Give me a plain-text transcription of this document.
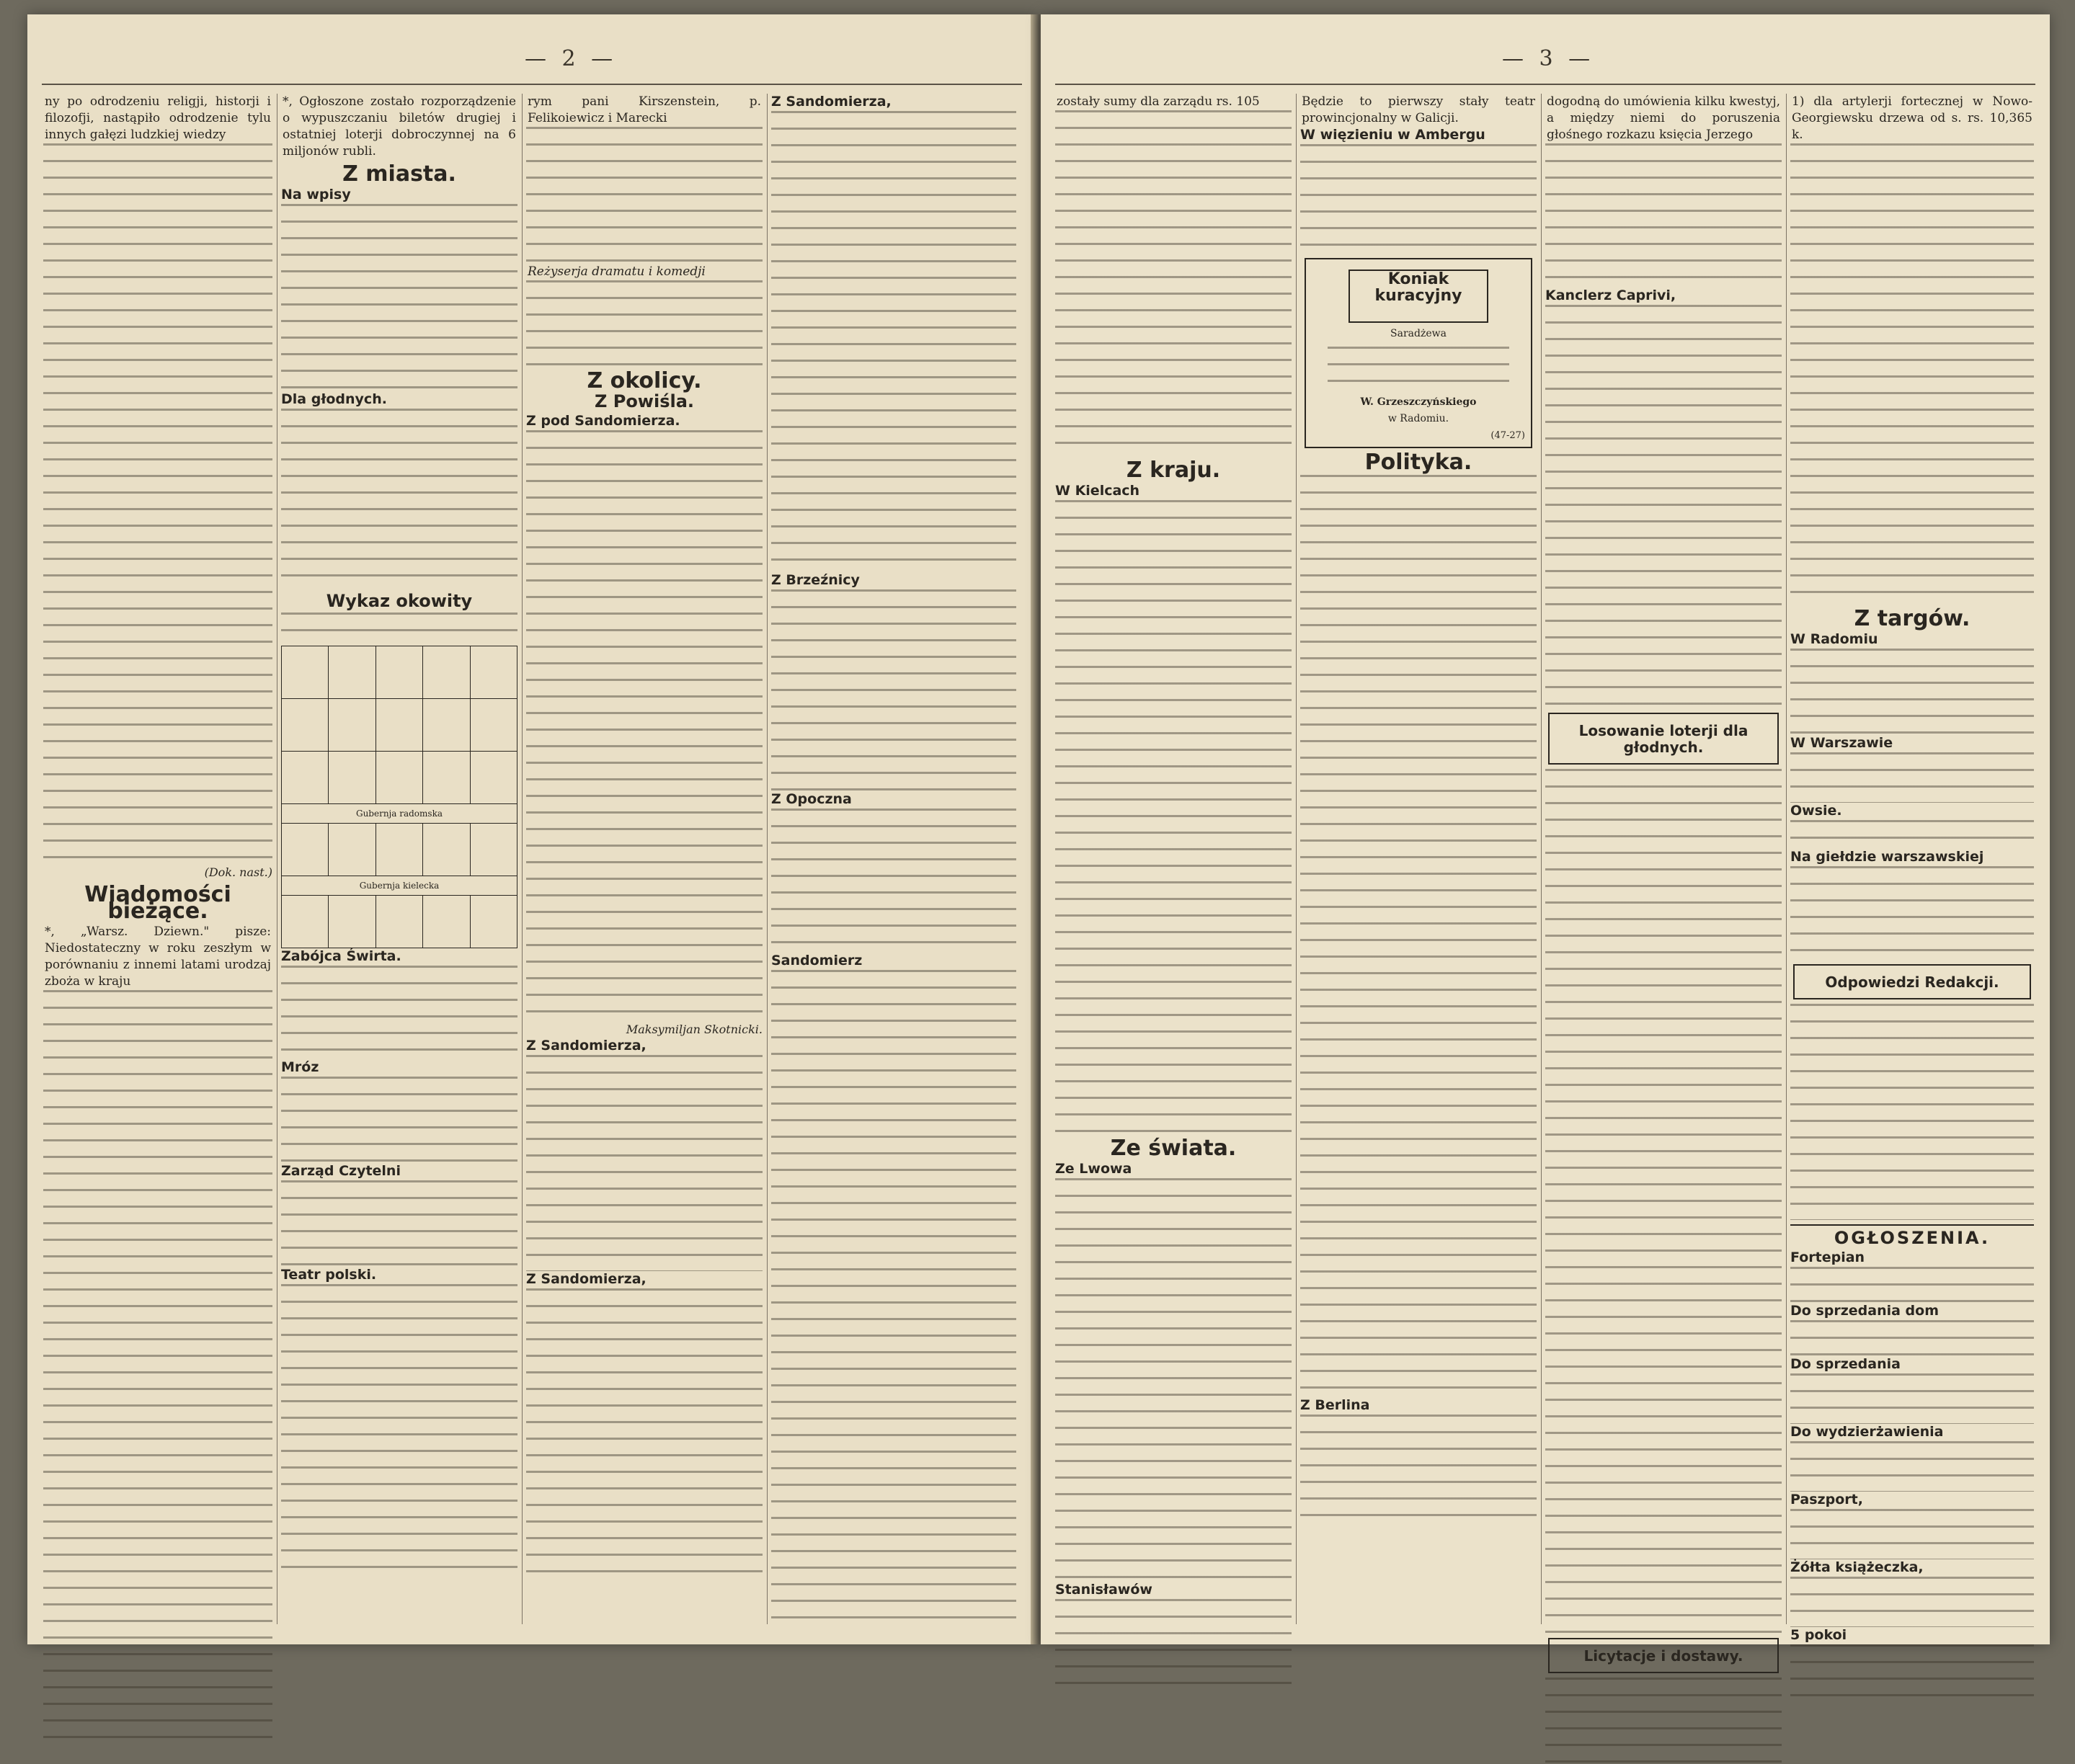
— 2 —
ny po odrodzeniu religji, historji i filozofji, nastąpiło odrodzenie tylu innych gałęzi ludzkiej wiedzy
(Dok. nast.)
Wiadomości bieżące.
*, „Warsz. Dziewn." pisze: Niedostateczny w roku zeszłym w porównaniu z innemi latami urodzaj zboża w kraju
*, Ogłoszone zostało rozporządzenie o wypuszczaniu biletów drugiej i ostatniej loterji dobroczynnej na 6 miljonów rubli.
Z miasta.
Na wpisy
Dla głodnych.
Wykaz okowity

Gubernja radomska				

Gubernja kielecka				

Zabójca Świrta.
Mróz
Zarząd Czytelni
Teatr polski.
rym pani Kirszenstein, p. Felikoiewicz i Marecki
Reżyserja dramatu i komedji
Z okolicy.
Z Powiśla.
Z pod Sandomierza.
Maksymiljan Skotnicki.
Z Sandomierza,
Z Sandomierza,
Z Sandomierza,
Z Brzeźnicy
Z Opoczna
Sandomierz
— 3 —
zostały sumy dla zarządu rs. 105
Z kraju.
W Kielcach
Ze świata.
Ze Lwowa
Stanisławów
Będzie to pierwszy stały teatr prowincjonalny w Galicji.
W więzieniu w Ambergu
Koniak kuracyjny
Saradżewa
W. Grzeszczyńskiego
w Radomiu.
(47-27)
Polityka.
Z Berlina
dogodną do umówienia kilku kwestyj, a między niemi do poruszenia głośnego rozkazu księcia Jerzego
Kanclerz Caprivi,
Losowanie loterji dla głodnych.
Licytacje i dostawy.
1) dla artylerji fortecznej w Nowo-Georgiewsku drzewa od s. rs. 10,365 k.
Z targów.
W Radomiu
W Warszawie
Owsie.
Na giełdzie warszawskiej
Odpowiedzi Redakcji.
OGŁOSZENIA.
Fortepian
Do sprzedania dom
Do sprzedania
Do wydzierżawienia
Paszport,
Żółta książeczka,
5 pokoi
